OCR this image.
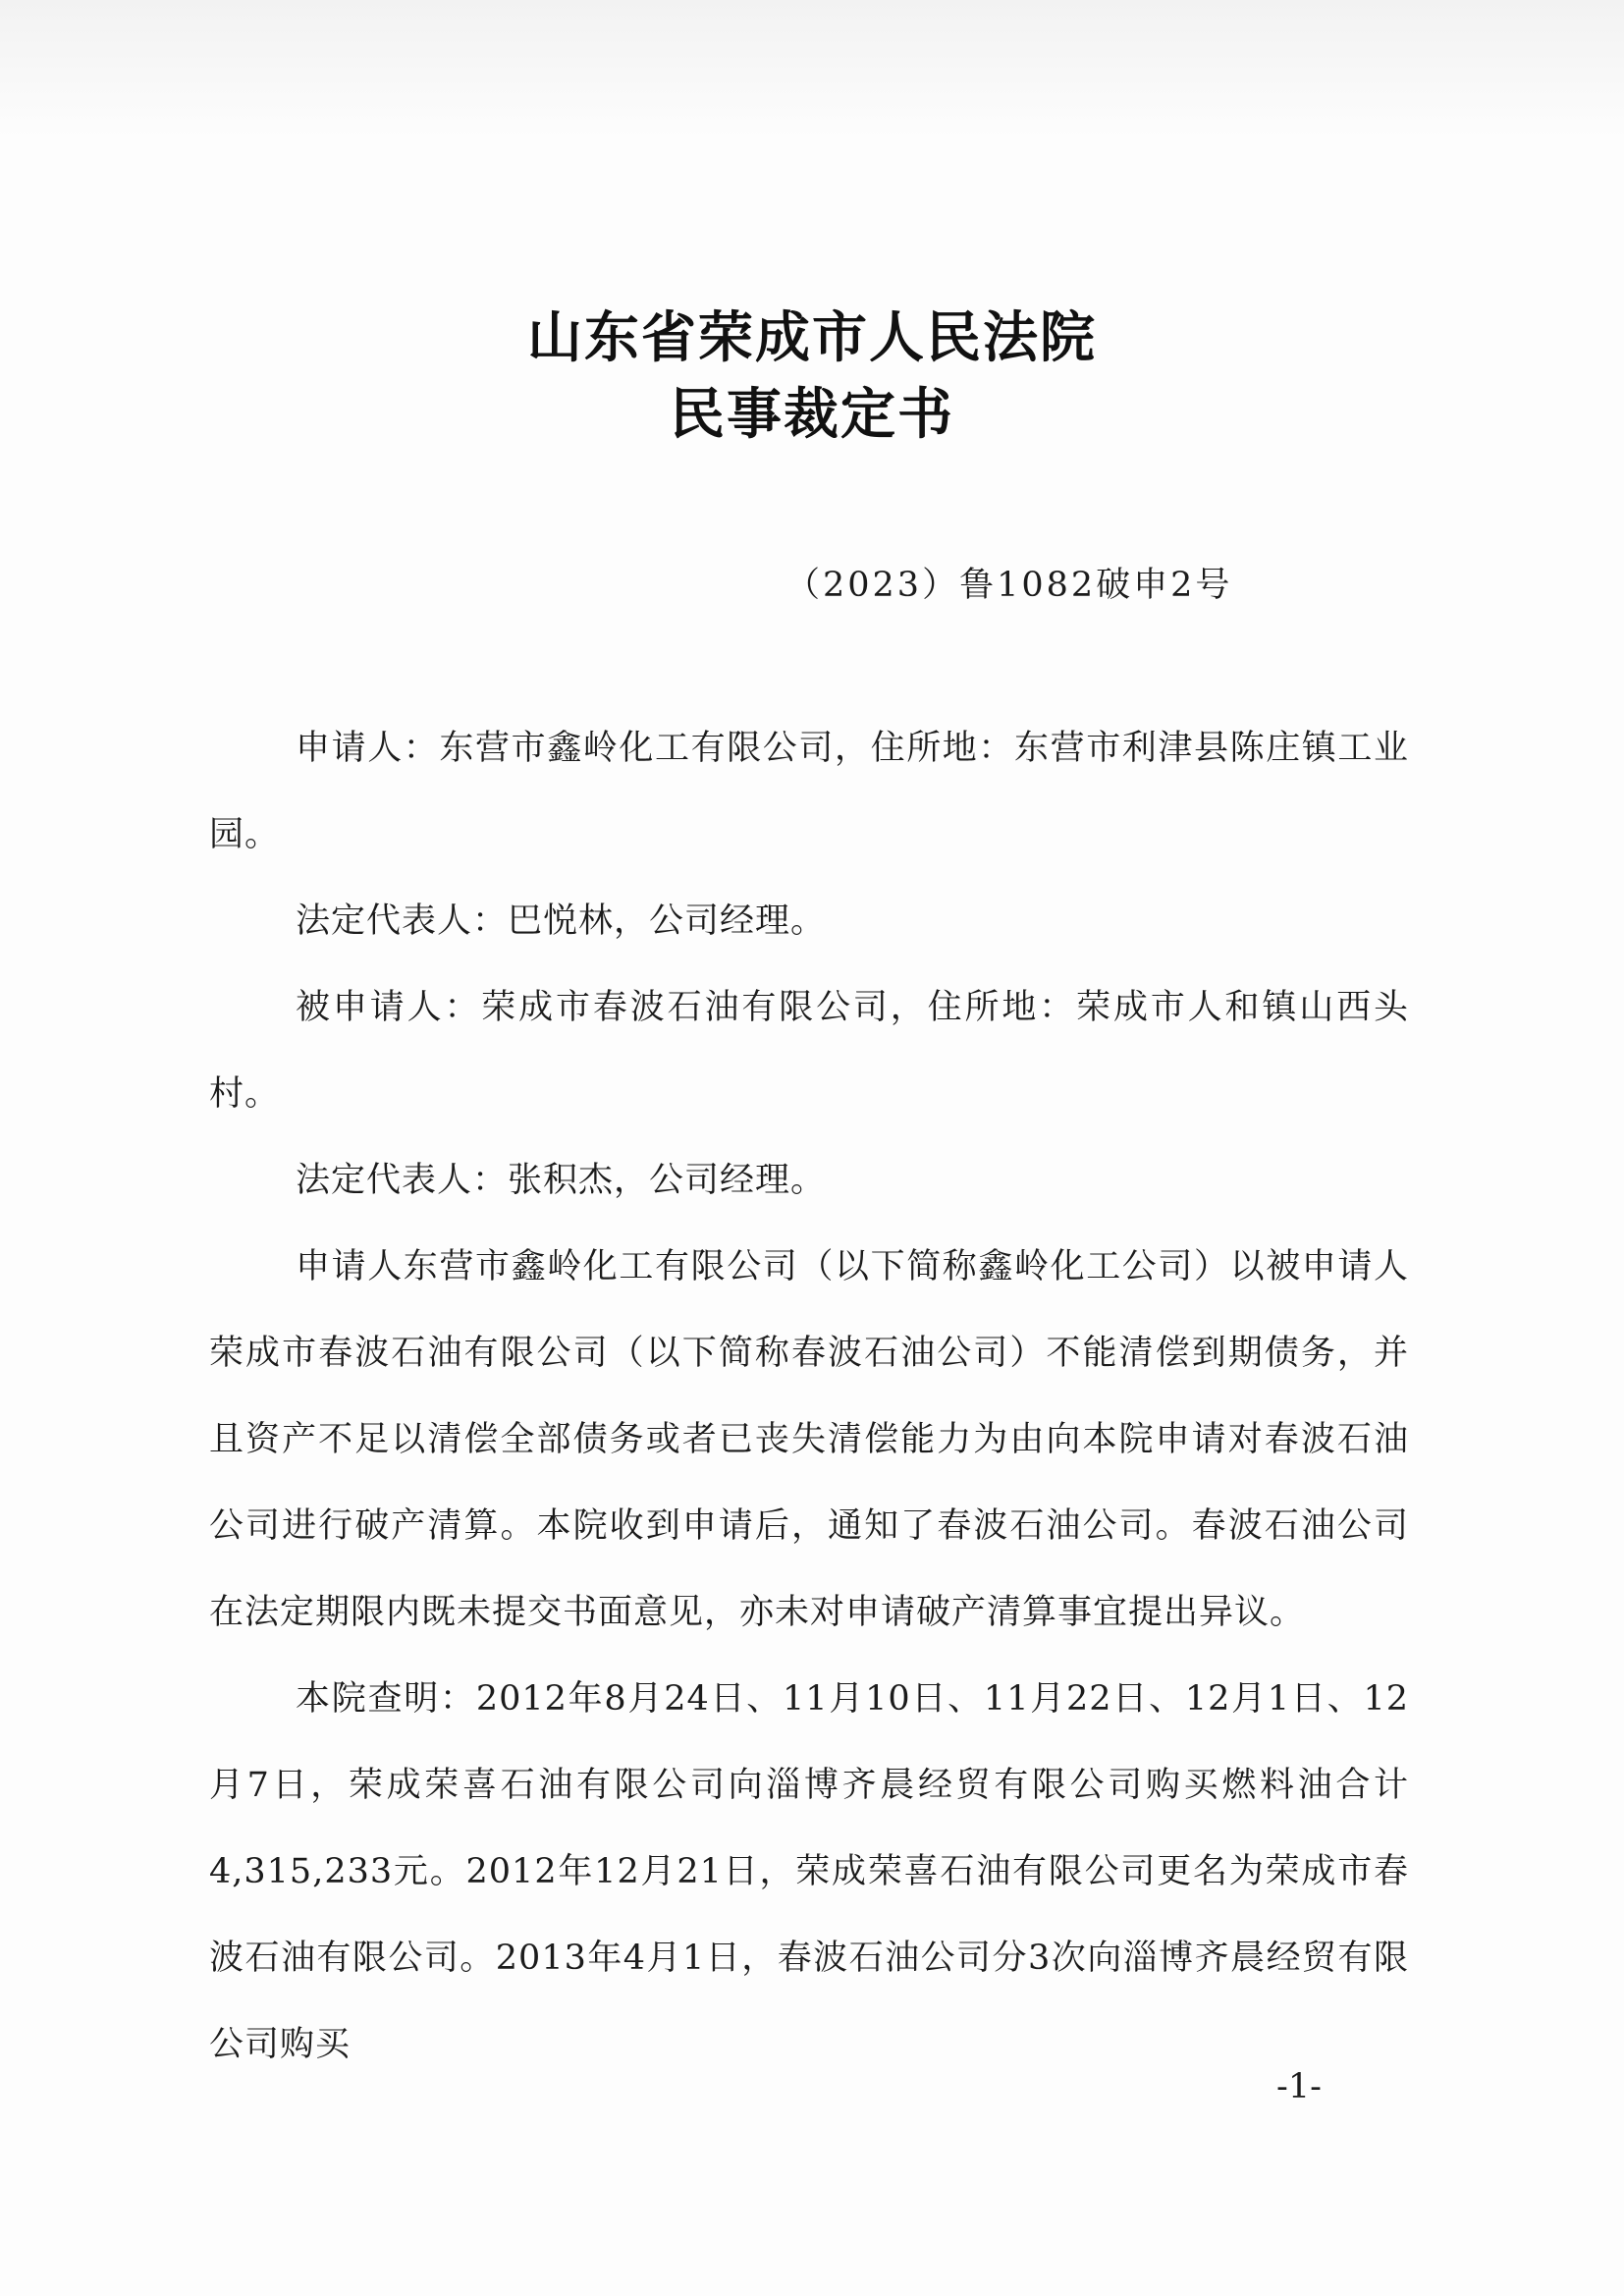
山东省荣成市人民法院
民事裁定书

（2023）鲁1082破申2号

申请人：东营市鑫岭化工有限公司，住所地：东营市利津县陈庄镇工业园。

法定代表人：巴悦林，公司经理。

被申请人：荣成市春波石油有限公司，住所地：荣成市人和镇山西头村。

法定代表人：张积杰，公司经理。

申请人东营市鑫岭化工有限公司（以下简称鑫岭化工公司）以被申请人荣成市春波石油有限公司（以下简称春波石油公司）不能清偿到期债务，并且资产不足以清偿全部债务或者已丧失清偿能力为由向本院申请对春波石油公司进行破产清算。本院收到申请后，通知了春波石油公司。春波石油公司在法定期限内既未提交书面意见，亦未对申请破产清算事宜提出异议。

本院查明：2012年8月24日、11月10日、11月22日、12月1日、12月7日，荣成荣喜石油有限公司向淄博齐晨经贸有限公司购买燃料油合计4,315,233元。2012年12月21日，荣成荣喜石油有限公司更名为荣成市春波石油有限公司。2013年4月1日，春波石油公司分3次向淄博齐晨经贸有限公司购买

-1-
